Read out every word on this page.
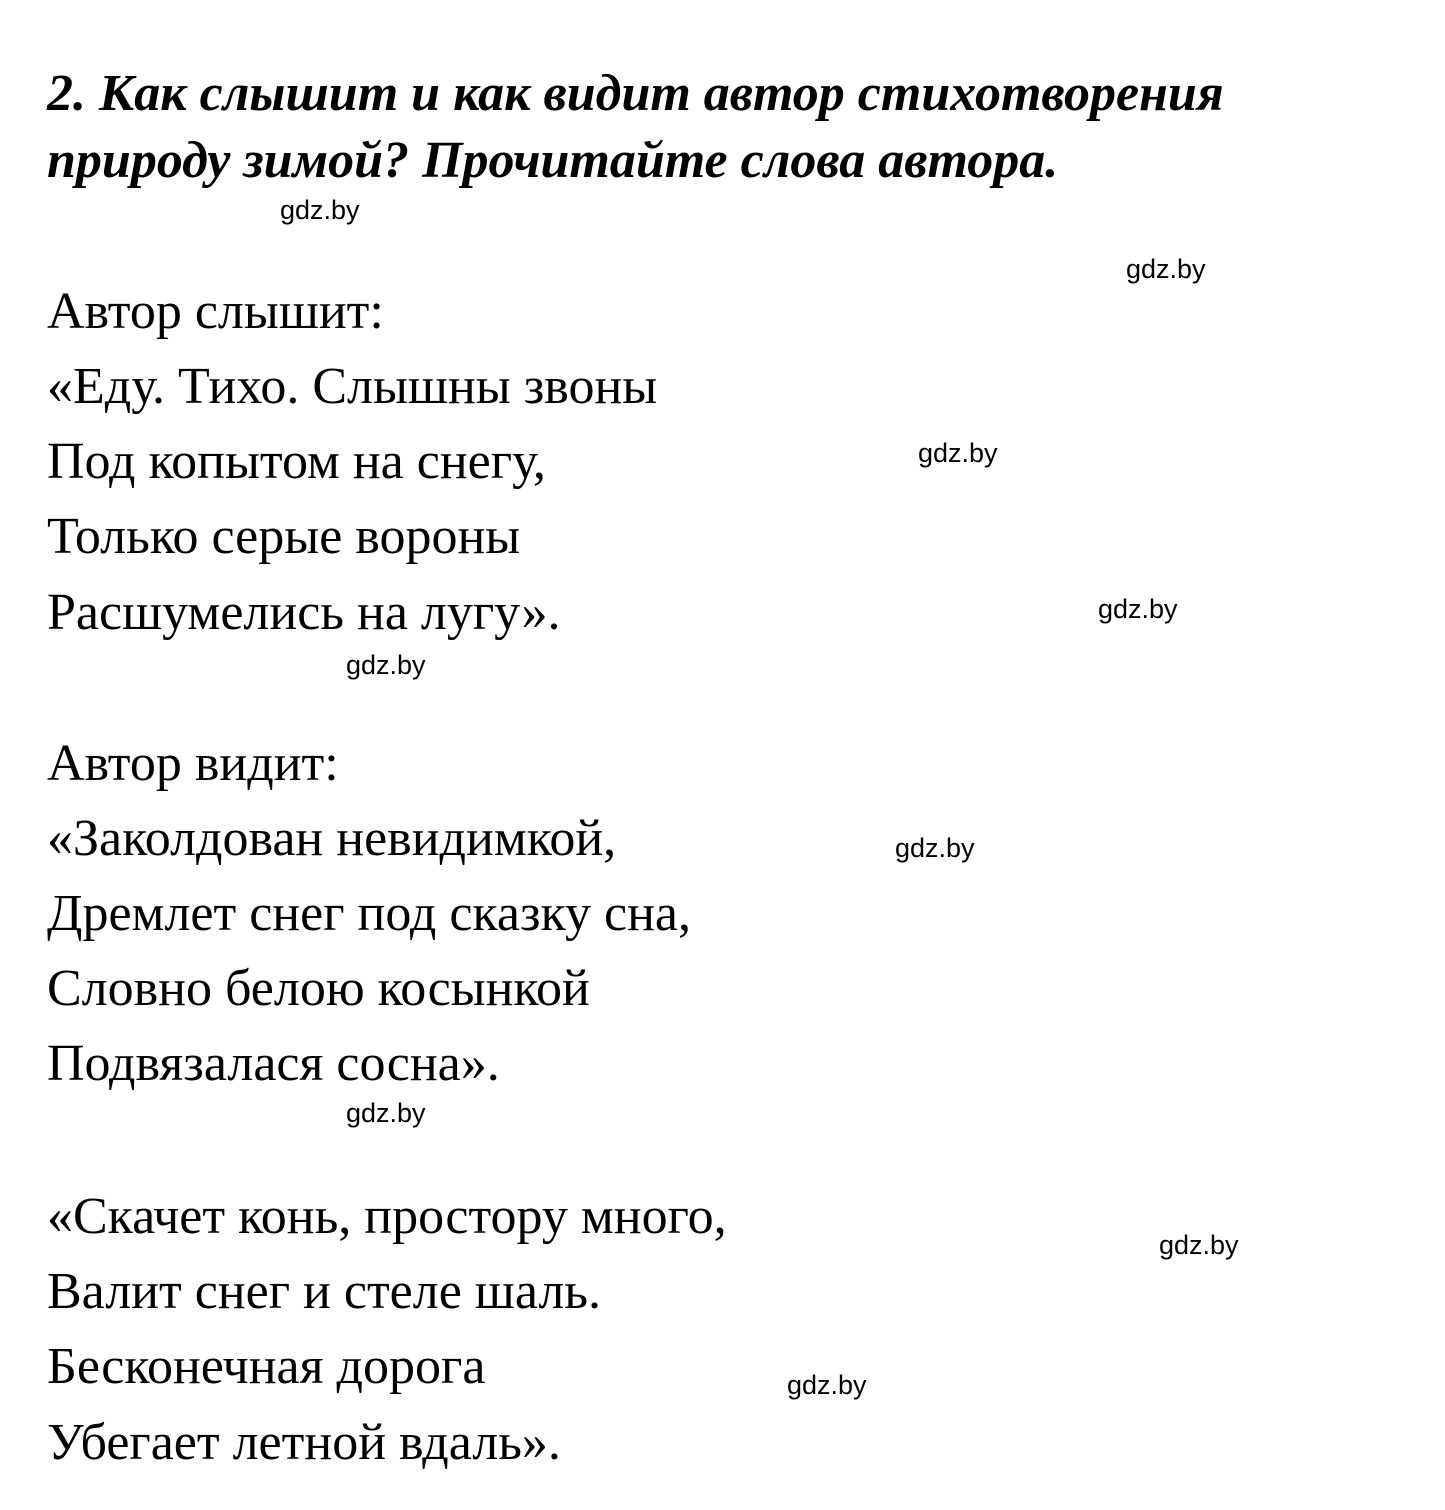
2. Как слышит и как видит автор стихотворения
природу зимой? Прочитайте слова автора.
Автор слышит:
«Еду. Тихо. Слышны звоны
Под копытом на снегу,
Только серые вороны
Расшумелись на лугу».
Автор видит:
«Заколдован невидимкой,
Дремлет снег под сказку сна,
Словно белою косынкой
Подвязалася сосна».
«Скачет конь, простору много,
Валит снег и стеле шаль.
Бесконечная дорога
Убегает летной вдаль».
gdz.by
gdz.by
gdz.by
gdz.by
gdz.by
gdz.by
gdz.by
gdz.by
gdz.by
